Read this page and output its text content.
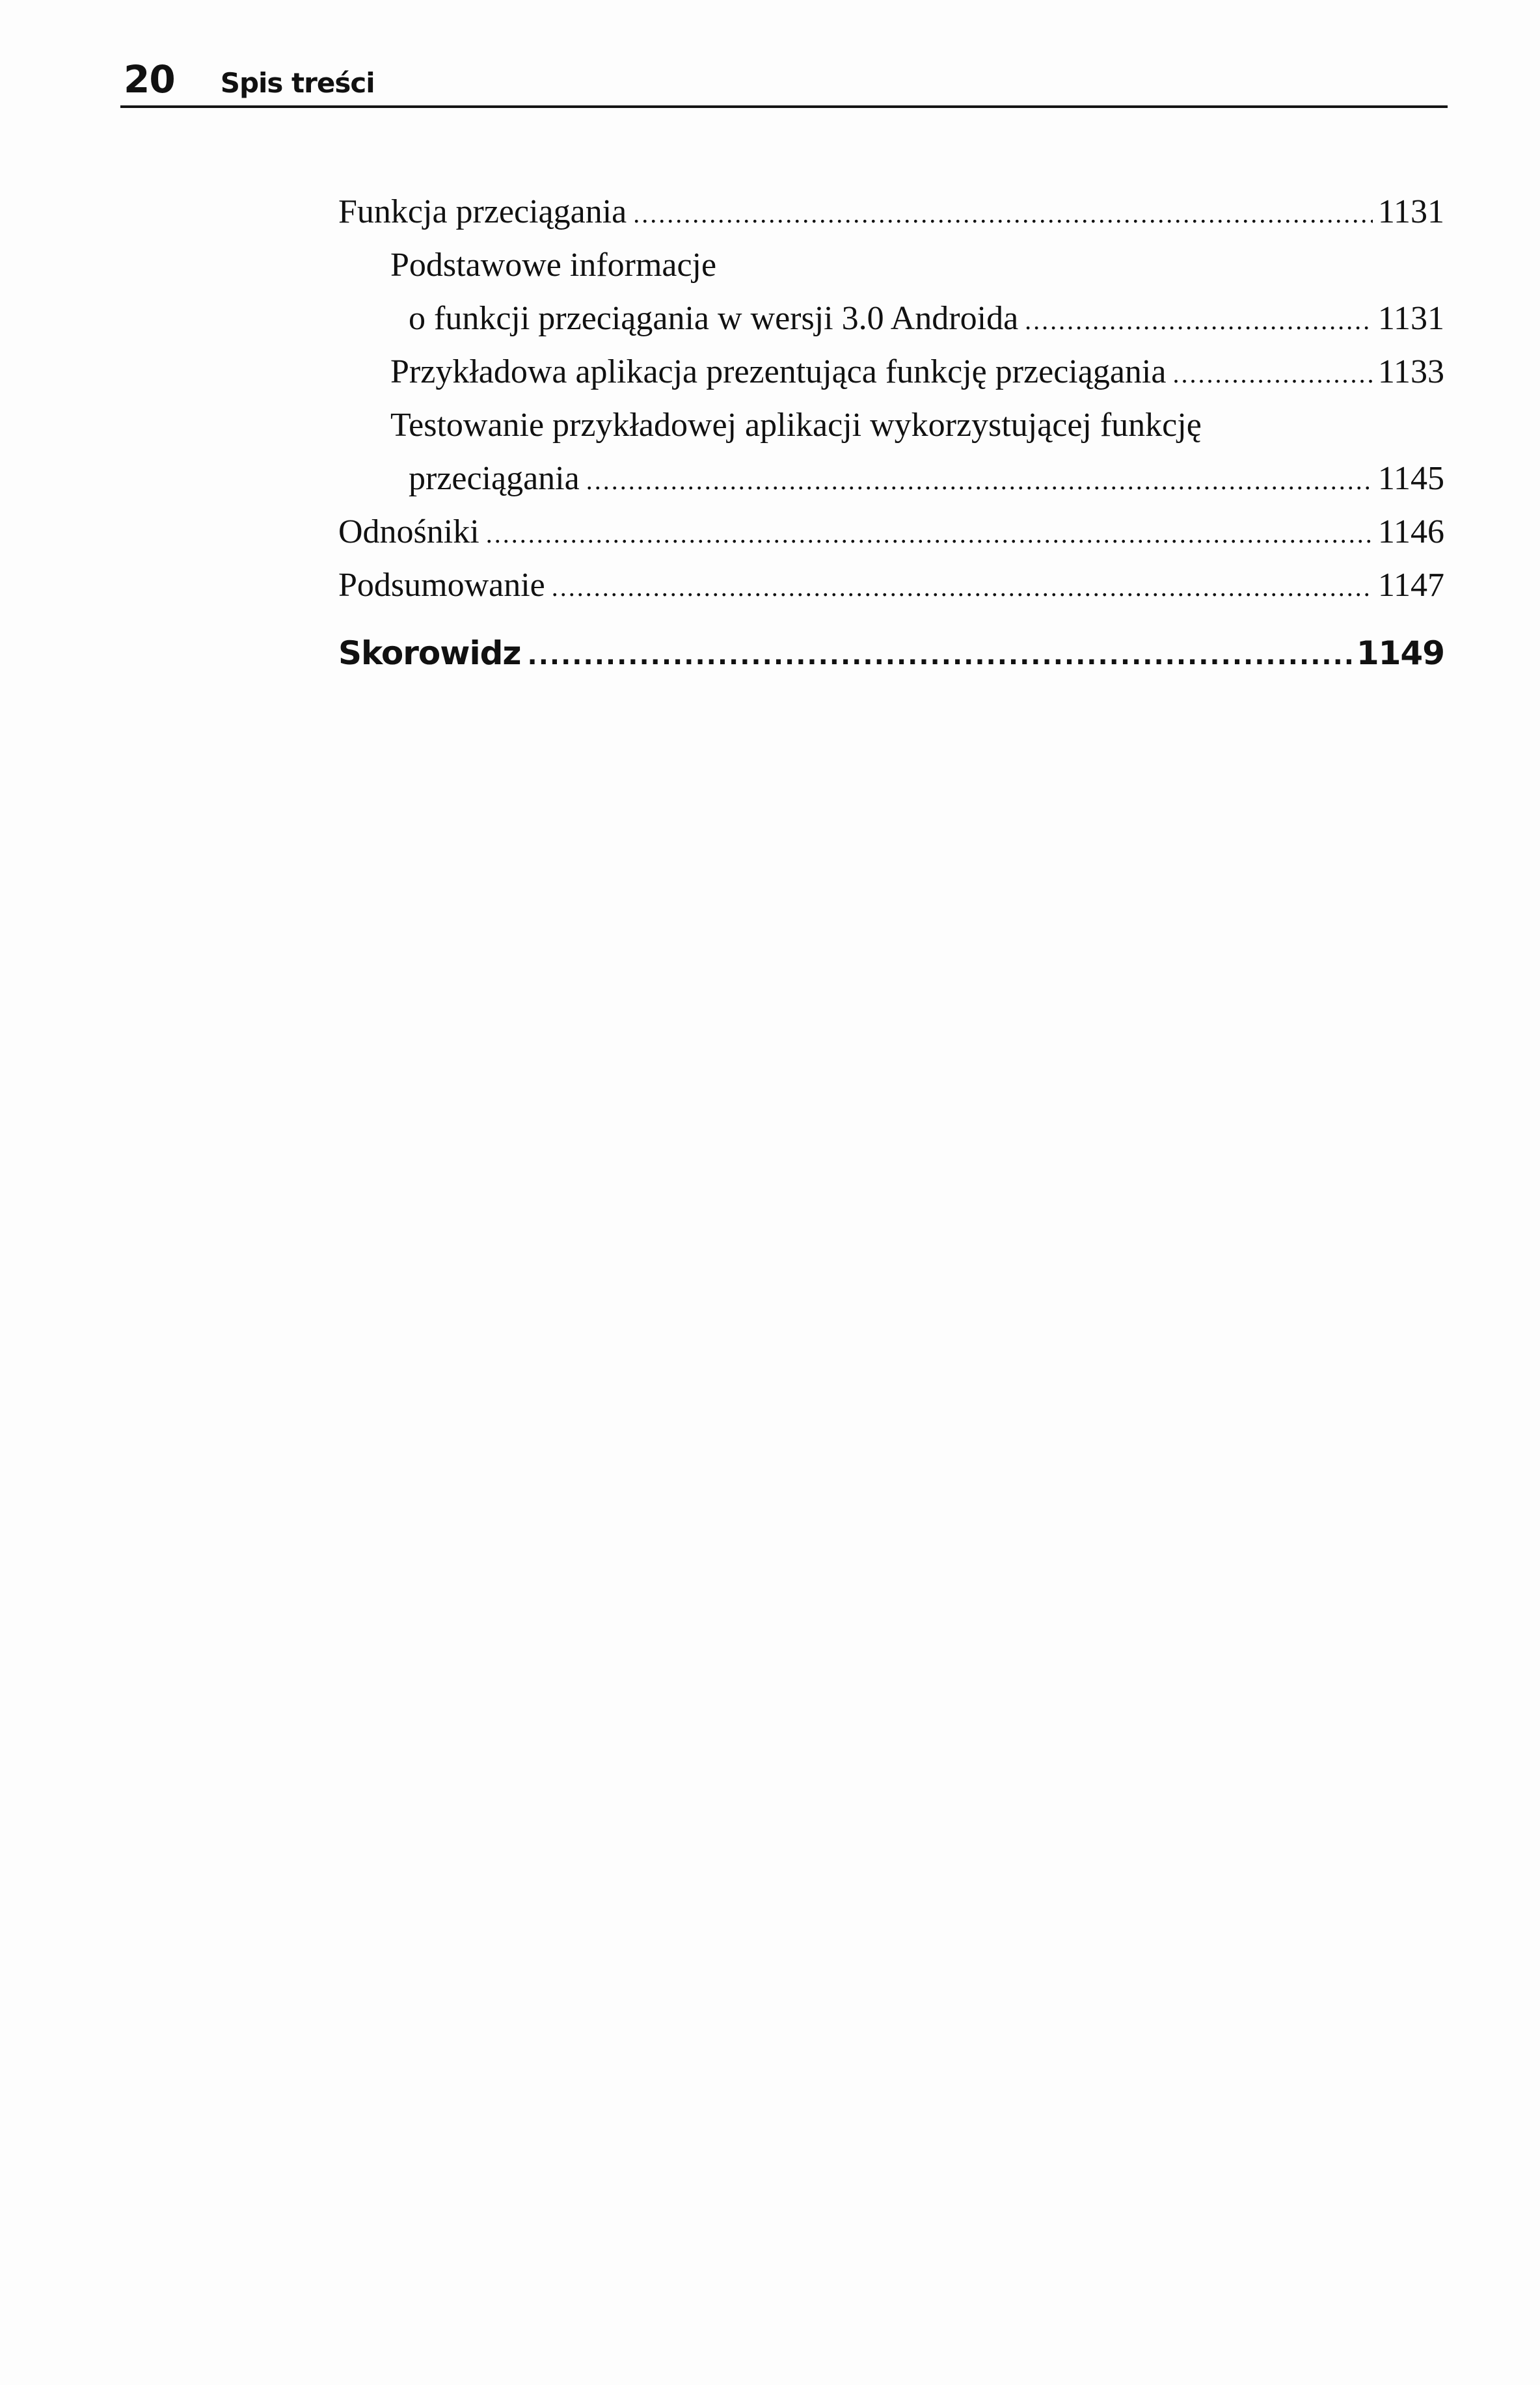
20 Spis treści
Funkcja przeciągania .....	1131
Podstawowe informacje
o funkcji przeciągania w wersji 3.0 Androida .....	1131
Przykładowa aplikacja prezentująca funkcję przeciągania .....	1133
Testowanie przykładowej aplikacji wykorzystującej funkcję
przeciągania .....	1145
Odnośniki .....	1146
Podsumowanie .....	1147
Skorowidz .....	1149
